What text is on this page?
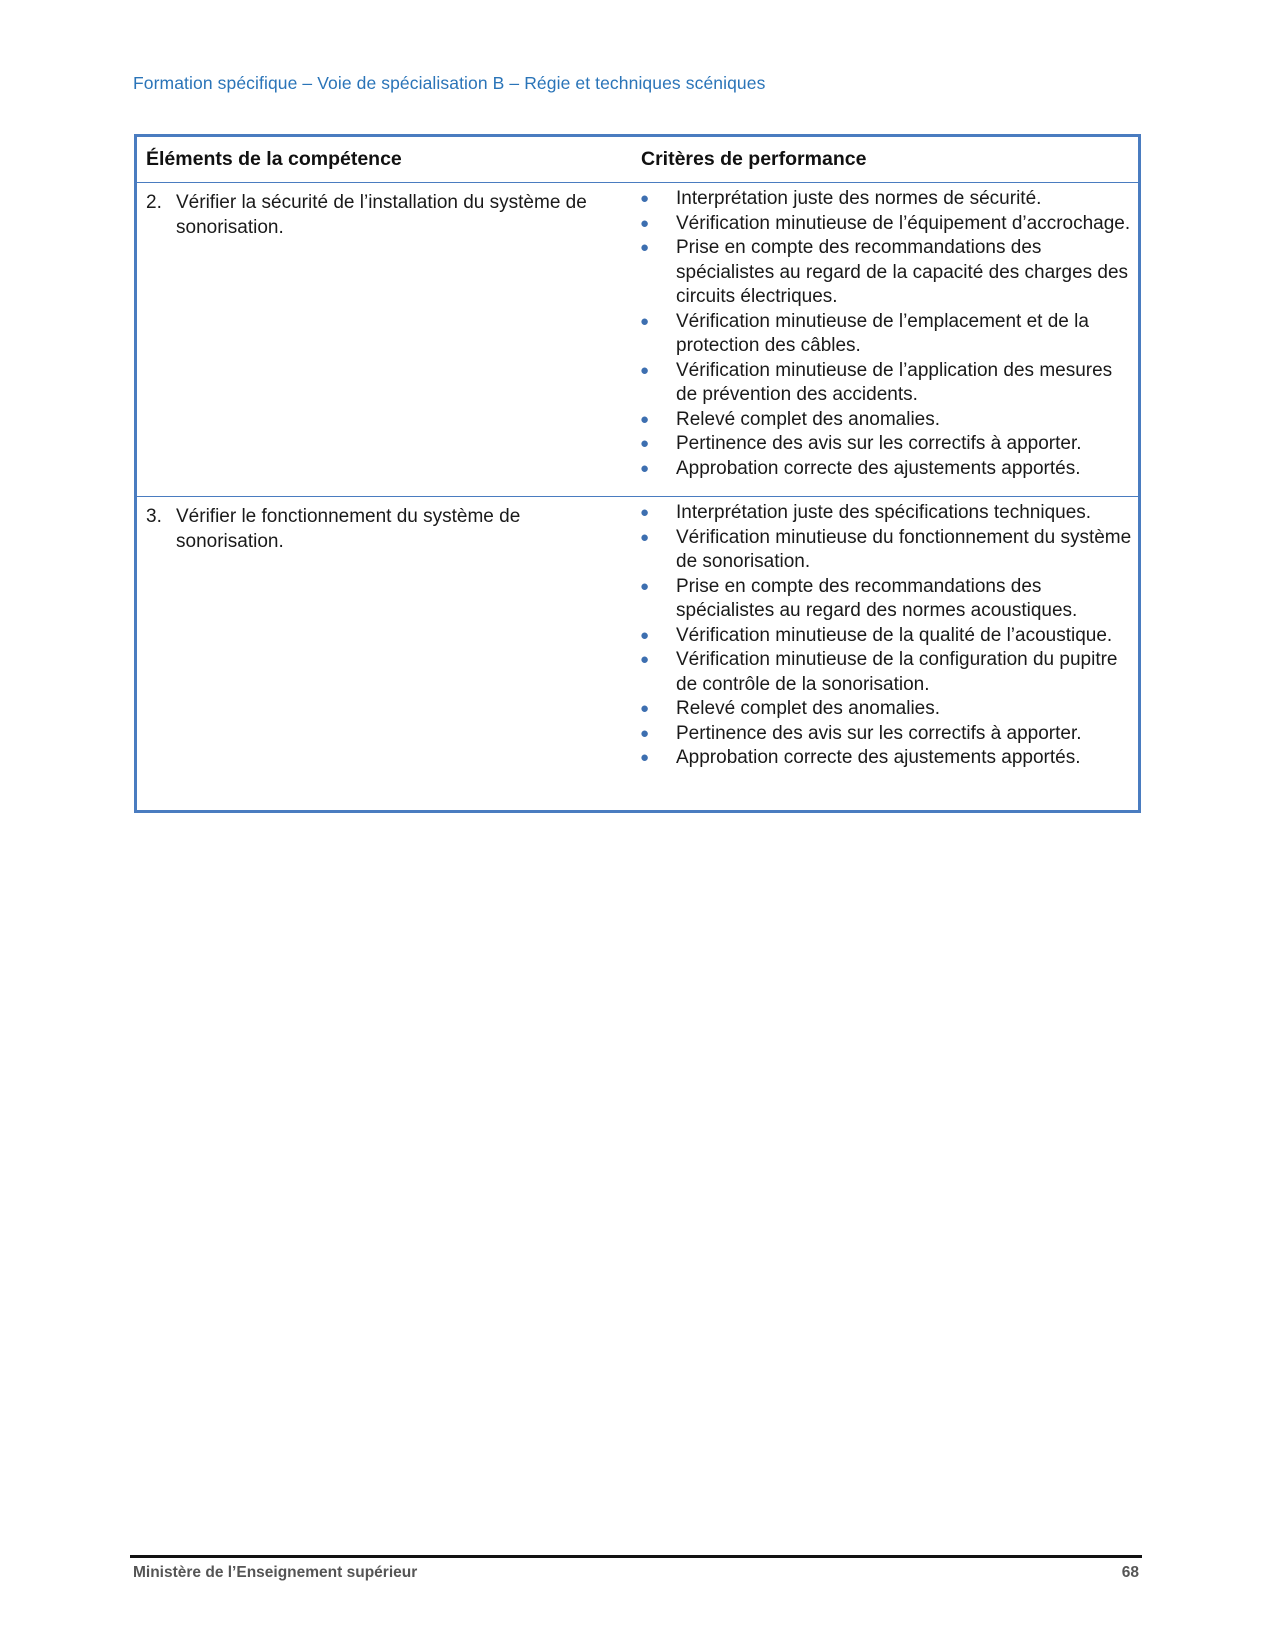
Formation spécifique – Voie de spécialisation B – Régie et techniques scéniques
Éléments de la compétence	Critères de performance
2. Vérifier la sécurité de l’installation du système de sonorisation.
●	Interprétation juste des normes de sécurité.
●	Vérification minutieuse de l’équipement d’accrochage.
●	Prise en compte des recommandations des spécialistes au regard de la capacité des charges des circuits électriques.
●	Vérification minutieuse de l’emplacement et de la protection des câbles.
●	Vérification minutieuse de l’application des mesures de prévention des accidents.
●	Relevé complet des anomalies.
●	Pertinence des avis sur les correctifs à apporter.
●	Approbation correcte des ajustements apportés.
3. Vérifier le fonctionnement du système de sonorisation.
●	Interprétation juste des spécifications techniques.
●	Vérification minutieuse du fonctionnement du système de sonorisation.
●	Prise en compte des recommandations des spécialistes au regard des normes acoustiques.
●	Vérification minutieuse de la qualité de l’acoustique.
●	Vérification minutieuse de la configuration du pupitre de contrôle de la sonorisation.
●	Relevé complet des anomalies.
●	Pertinence des avis sur les correctifs à apporter.
●	Approbation correcte des ajustements apportés.
Ministère de l’Enseignement supérieur	68
